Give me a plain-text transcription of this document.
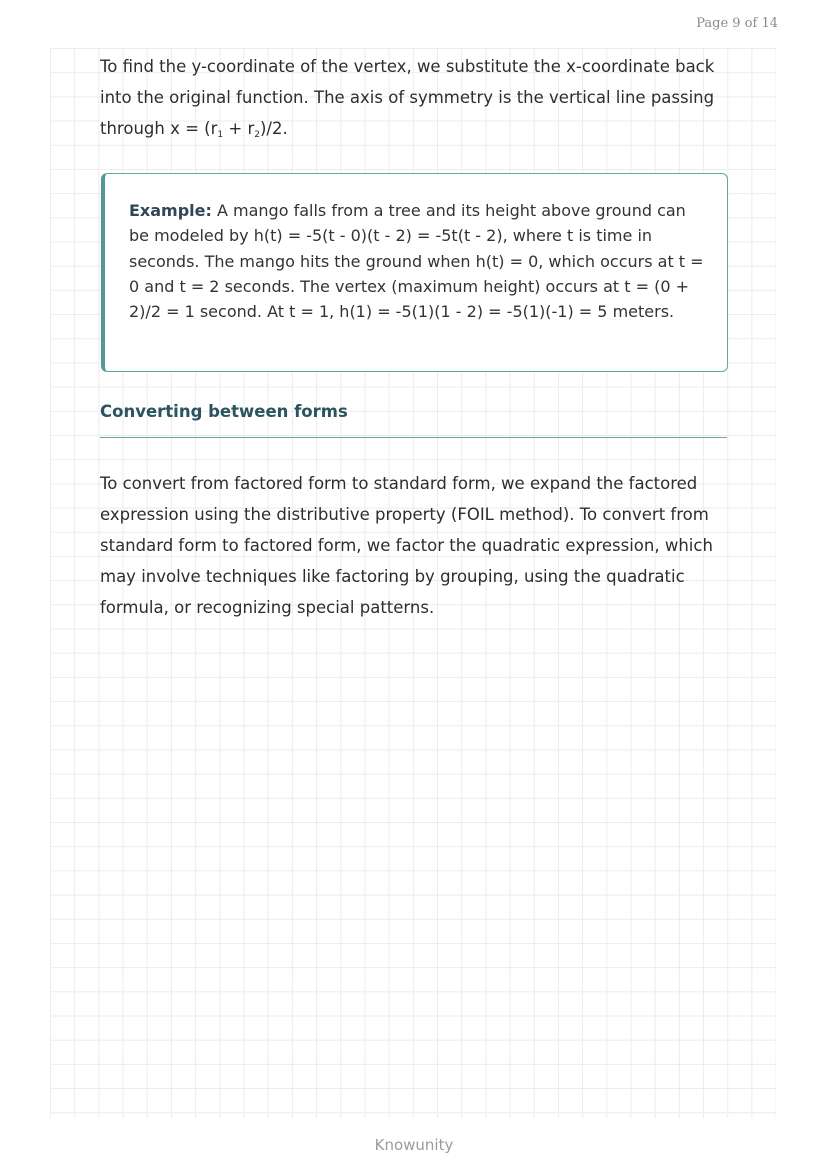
Page 9 of 14

To find the y-coordinate of the vertex, we substitute the x-coordinate back into the original function. The axis of symmetry is the vertical line passing through $x = (r_1 + r_2)/2$.

Example: A mango falls from a tree and its height above ground can be modeled by h(t) = -5(t - 0)(t - 2) = -5t(t - 2), where t is time in seconds. The mango hits the ground when h(t) = 0, which occurs at t = 0 and t = 2 seconds. The vertex (maximum height) occurs at t = (0 + 2)/2 = 1 second. At t = 1, h(1) = -5(1)(1 - 2) = -5(1)(-1) = 5 meters.
Converting between forms

To convert from factored form to standard form, we expand the factored expression using the distributive property (FOIL method). To convert from standard form to factored form, we factor the quadratic expression, which may involve techniques like factoring by grouping, using the quadratic formula, or recognizing special patterns.

Knowunity
